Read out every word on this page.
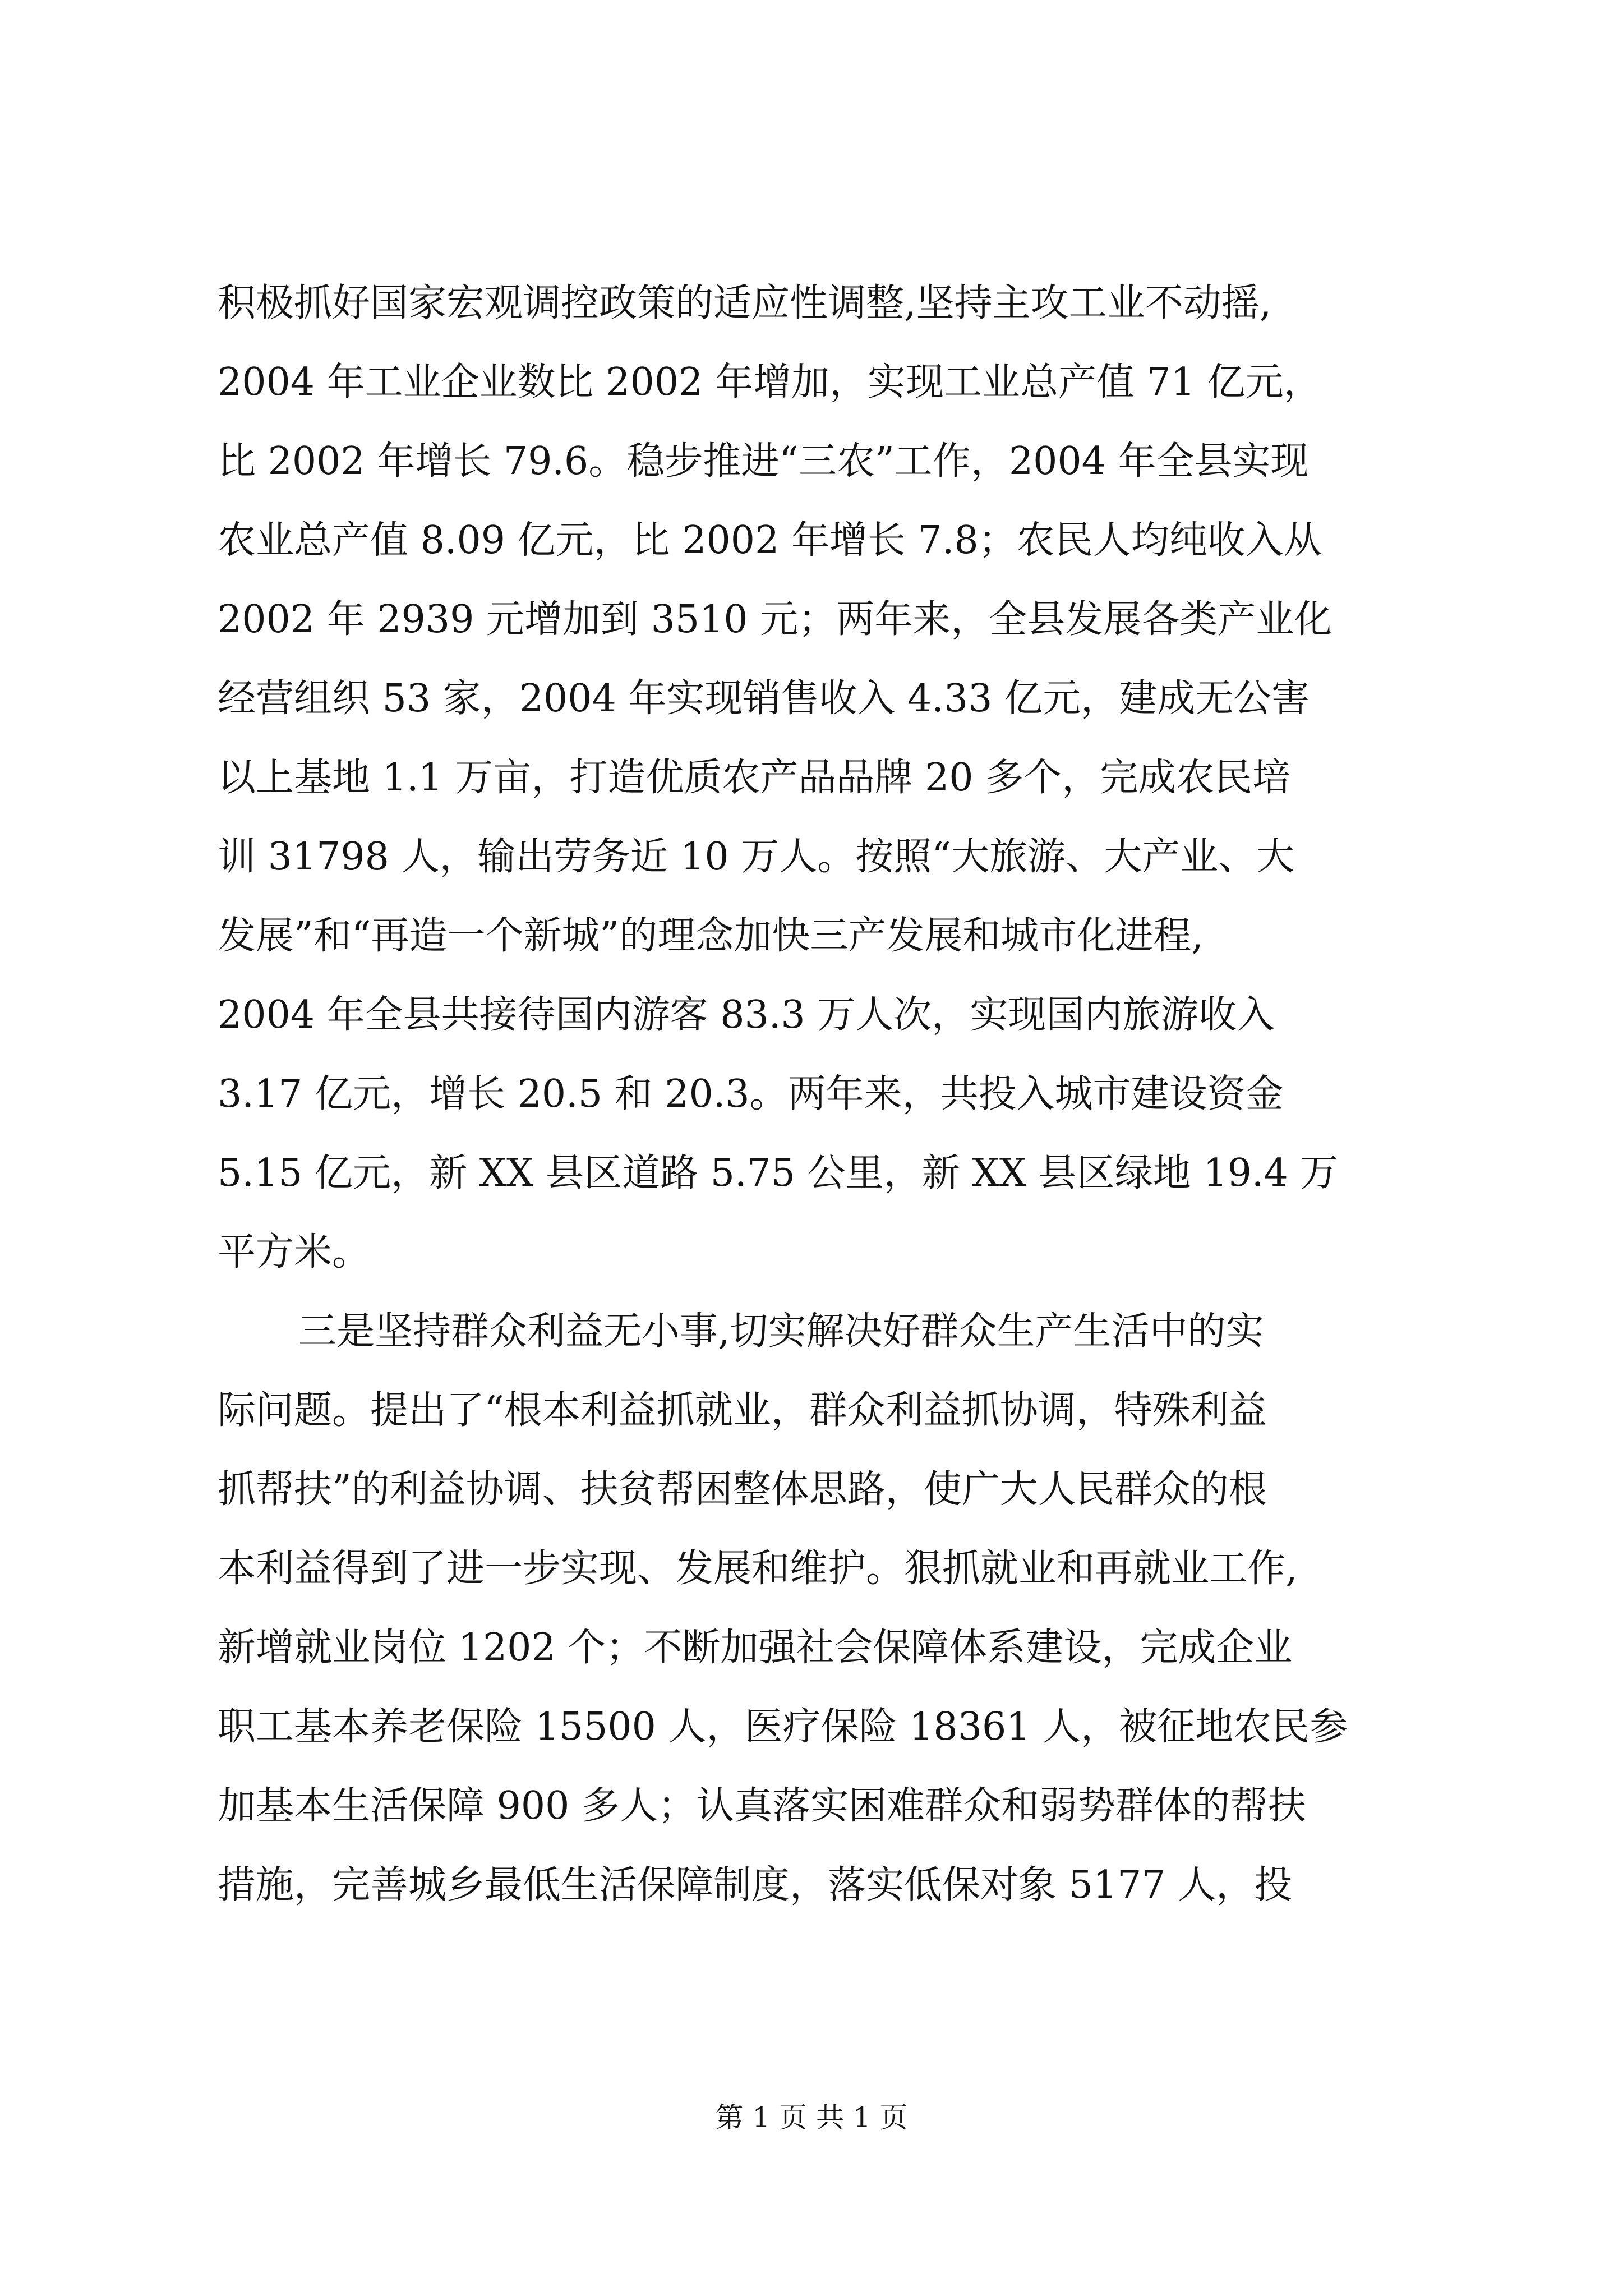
积极抓好国家宏观调控政策的适应性调整,坚持主攻工业不动摇,
2004 年工业企业数比 2002 年增加，实现工业总产值 71 亿元，
比 2002 年增长 79.6。稳步推进“三农”工作，2004 年全县实现
农业总产值 8.09 亿元，比 2002 年增长 7.8；农民人均纯收入从
2002 年 2939 元增加到 3510 元；两年来，全县发展各类产业化
经营组织 53 家，2004 年实现销售收入 4.33 亿元，建成无公害
以上基地 1.1 万亩，打造优质农产品品牌 20 多个，完成农民培
训 31798 人，输出劳务近 10 万人。按照“大旅游、大产业、大
发展”和“再造一个新城”的理念加快三产发展和城市化进程,
2004 年全县共接待国内游客 83.3 万人次，实现国内旅游收入
3.17 亿元，增长 20.5 和 20.3。两年来，共投入城市建设资金
5.15 亿元，新 XX 县区道路 5.75 公里，新 XX 县区绿地 19.4 万
平方米。
三是坚持群众利益无小事,切实解决好群众生产生活中的实
际问题。提出了“根本利益抓就业，群众利益抓协调，特殊利益
抓帮扶”的利益协调、扶贫帮困整体思路，使广大人民群众的根
本利益得到了进一步实现、发展和维护。狠抓就业和再就业工作,
新增就业岗位 1202 个；不断加强社会保障体系建设，完成企业
职工基本养老保险 15500 人，医疗保险 18361 人，被征地农民参
加基本生活保障 900 多人；认真落实困难群众和弱势群体的帮扶
措施，完善城乡最低生活保障制度，落实低保对象 5177 人，投
第 1 页 共 1 页
